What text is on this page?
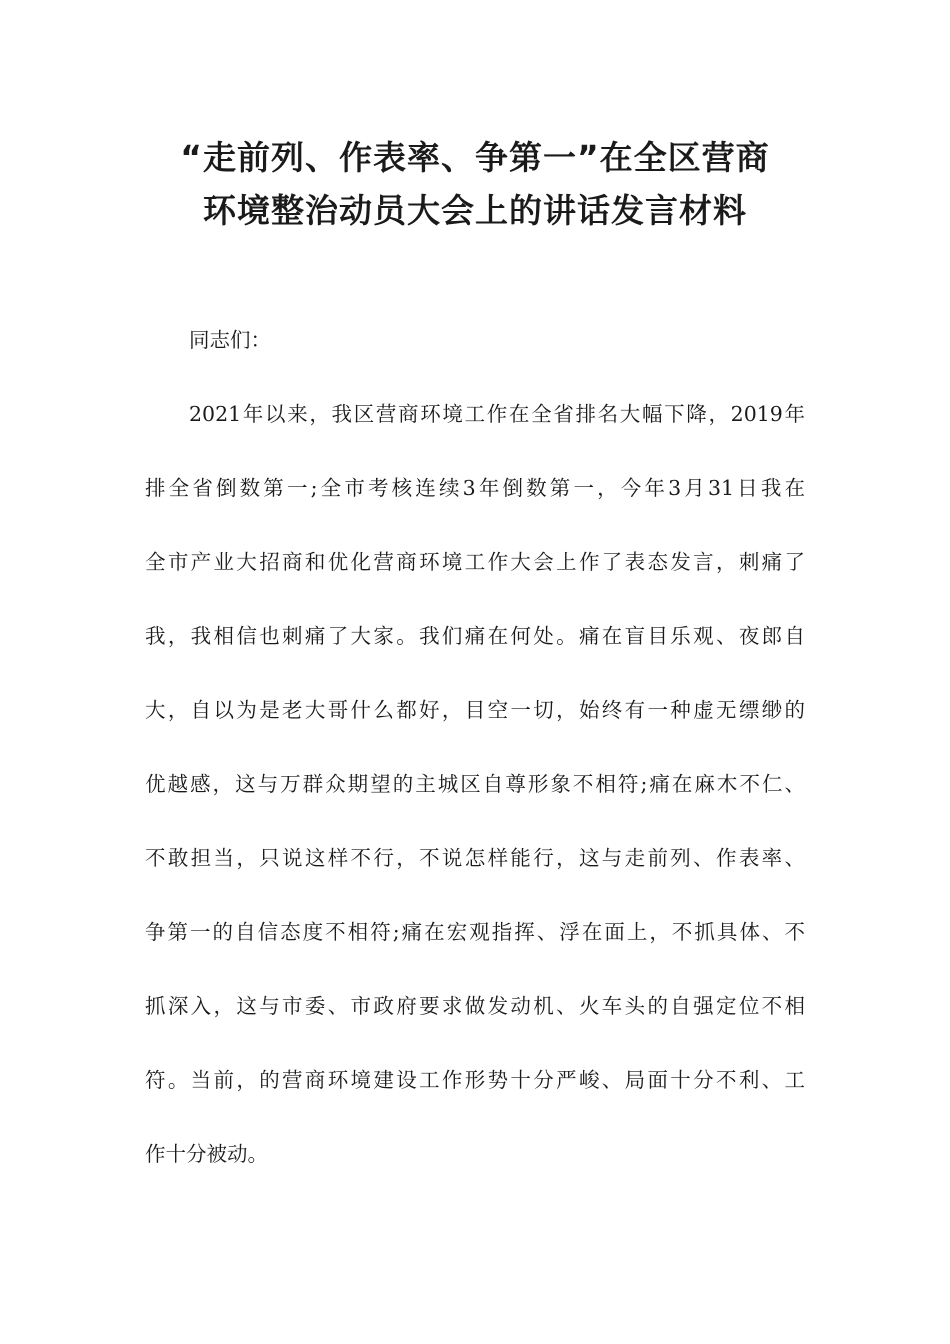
“走前列、作表率、争第一”在全区营商
环境整治动员大会上的讲话发言材料
同志们：
2021年以来，我区营商环境工作在全省排名大幅下降，2019年
排全省倒数第一;全市考核连续3年倒数第一，今年3月31日我在
全市产业大招商和优化营商环境工作大会上作了表态发言，刺痛了
我，我相信也刺痛了大家。我们痛在何处。痛在盲目乐观、夜郎自
大，自以为是老大哥什么都好，目空一切，始终有一种虚无缥缈的
优越感，这与万群众期望的主城区自尊形象不相符;痛在麻木不仁、
不敢担当，只说这样不行，不说怎样能行，这与走前列、作表率、
争第一的自信态度不相符;痛在宏观指挥、浮在面上，不抓具体、不
抓深入，这与市委、市政府要求做发动机、火车头的自强定位不相
符。当前，的营商环境建设工作形势十分严峻、局面十分不利、工
作十分被动。
